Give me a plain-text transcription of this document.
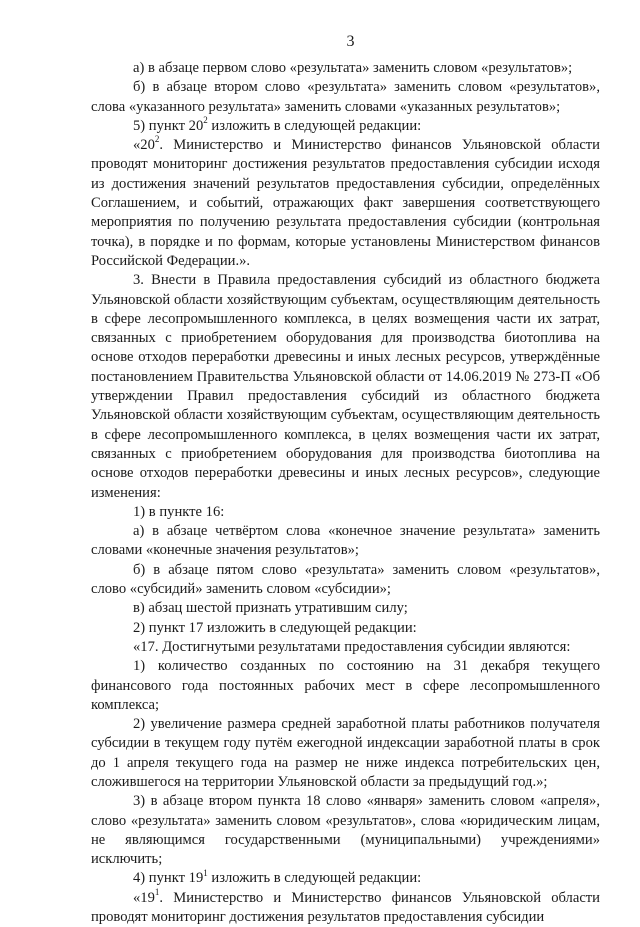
3

а) в абзаце первом слово «результата» заменить словом «результатов»;

б) в абзаце втором слово «результата» заменить словом «результатов», слова «указанного результата» заменить словами «указанных результатов»;

5) пункт $20^2$ изложить в следующей редакции:

«$20^2$. Министерство и Министерство финансов Ульяновской области проводят мониторинг достижения результатов предоставления субсидии исходя из достижения значений результатов предоставления субсидии, определённых Соглашением, и событий, отражающих факт завершения соответствующего мероприятия по получению результата предоставления субсидии (контрольная точка), в порядке и по формам, которые установлены Министерством финансов Российской Федерации.».

3. Внести в Правила предоставления субсидий из областного бюджета Ульяновской области хозяйствующим субъектам, осуществляющим деятельность в сфере лесопромышленного комплекса, в целях возмещения части их затрат, связанных с приобретением оборудования для производства биотоплива на основе отходов переработки древесины и иных лесных ресурсов, утверждённые постановлением Правительства Ульяновской области от 14.06.2019 № 273-П «Об утверждении Правил предоставления субсидий из областного бюджета Ульяновской области хозяйствующим субъектам, осуществляющим деятельность в сфере лесопромышленного комплекса, в целях возмещения части их затрат, связанных с приобретением оборудования для производства биотоплива на основе отходов переработки древесины и иных лесных ресурсов», следующие изменения:

1) в пункте 16:

а) в абзаце четвёртом слова «конечное значение результата» заменить словами «конечные значения результатов»;

б) в абзаце пятом слово «результата» заменить словом «результатов», слово «субсидий» заменить словом «субсидии»;

в) абзац шестой признать утратившим силу;

2) пункт 17 изложить в следующей редакции:

«17. Достигнутыми результатами предоставления субсидии являются:

1) количество созданных по состоянию на 31 декабря текущего финансового года постоянных рабочих мест в сфере лесопромышленного комплекса;

2) увеличение размера средней заработной платы работников получателя субсидии в текущем году путём ежегодной индексации заработной платы в срок до 1 апреля текущего года на размер не ниже индекса потребительских цен, сложившегося на территории Ульяновской области за предыдущий год.»;

3) в абзаце втором пункта 18 слово «января» заменить словом «апреля», слово «результата» заменить словом «результатов», слова «юридическим лицам, не являющимся государственными (муниципальными) учреждениями» исключить;

4) пункт $19^1$ изложить в следующей редакции:

«$19^1$. Министерство и Министерство финансов Ульяновской области проводят мониторинг достижения результатов предоставления субсидии
